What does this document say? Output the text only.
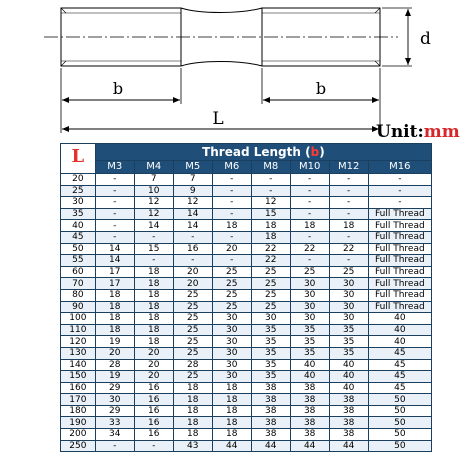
b	b
L
d
Unit:mm
L	Thread Length (b)							
	M3	M4	M5	M6	M8	M10	M12	M16
20	-	7	7	-	-	-	-	-
25	-	10	9	-	-	-	-	-
30	-	12	12	-	12	-	-	-
35	-	12	14	-	15	-	-	Full Thread
40	-	14	14	18	18	18	18	Full Thread
45	-	-	-	-	18	-	-	Full Thread
50	14	15	16	20	22	22	22	Full Thread
55	14	-	-	-	22	-	-	Full Thread
60	17	18	20	25	25	25	25	Full Thread
70	17	18	20	25	25	30	30	Full Thread
80	18	18	25	25	25	30	30	Full Thread
90	18	18	25	25	25	30	30	Full Thread
100	18	18	25	30	30	30	30	40
110	18	18	25	30	35	35	35	40
120	19	18	25	30	35	35	35	40
130	20	20	25	30	35	35	35	45
140	28	20	28	30	35	40	40	45
150	19	20	25	30	35	40	40	45
160	29	16	18	18	38	38	40	45
170	30	16	18	18	38	38	38	50
180	29	16	18	18	38	38	38	50
190	33	16	18	18	38	38	38	50
200	34	16	18	18	38	38	38	50
250	-	-	43	44	44	44	44	50
